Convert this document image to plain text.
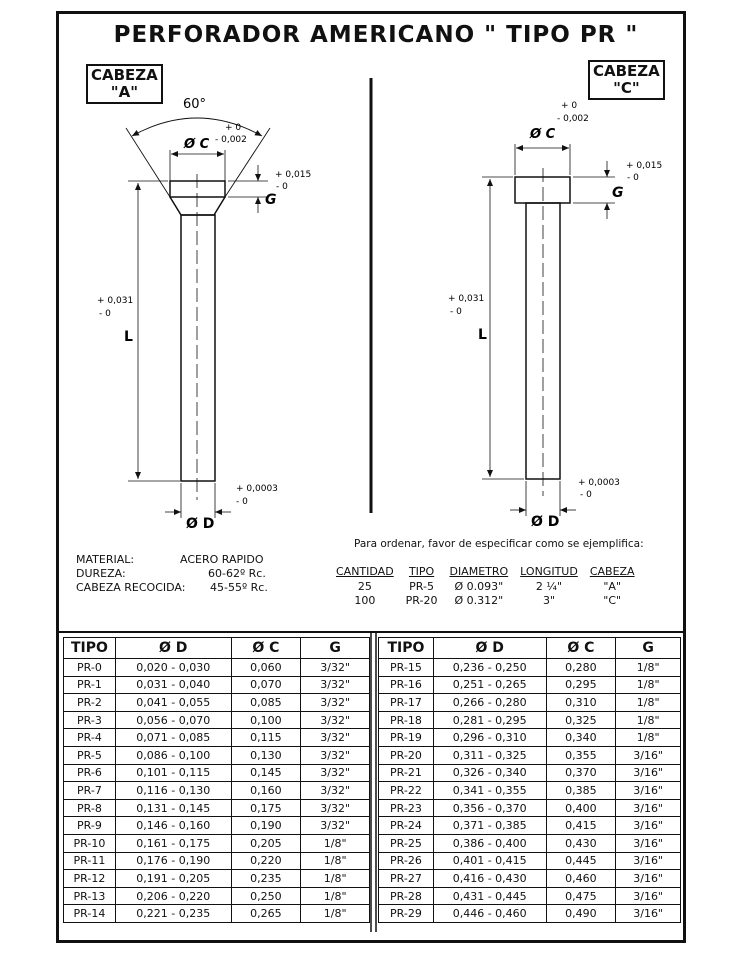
PERFORADOR AMERICANO " TIPO PR "
CABEZA
"A"
CABEZA
"C"
60°
Ø C
+ 0
- 0,002
G
+ 0,015
- 0
L
+ 0,031
- 0
Ø D
+ 0,0003
- 0
Ø C
+ 0
- 0,002
G
+ 0,015
- 0
L
+ 0,031
- 0
Ø D
+ 0,0003
- 0
MATERIAL:	ACERO RAPIDO
DUREZA:	60-62º Rc.
CABEZA RECOCIDA:	45-55º Rc.
Para ordenar, favor de especificar como se ejemplifica:
CANTIDAD	TIPO	DIAMETRO	LONGITUD	CABEZA
25	PR-5	Ø 0.093"	2 ¼"	"A"
100	PR-20	Ø 0.312"	3"	"C"
TIPO	Ø D	Ø C	G
PR-0	0,020 - 0,030	0,060	3/32"
PR-1	0,031 - 0,040	0,070	3/32"
PR-2	0,041 - 0,055	0,085	3/32"
PR-3	0,056 - 0,070	0,100	3/32"
PR-4	0,071 - 0,085	0,115	3/32"
PR-5	0,086 - 0,100	0,130	3/32"
PR-6	0,101 - 0,115	0,145	3/32"
PR-7	0,116 - 0,130	0,160	3/32"
PR-8	0,131 - 0,145	0,175	3/32"
PR-9	0,146 - 0,160	0,190	3/32"
PR-10	0,161 - 0,175	0,205	1/8"
PR-11	0,176 - 0,190	0,220	1/8"
PR-12	0,191 - 0,205	0,235	1/8"
PR-13	0,206 - 0,220	0,250	1/8"
PR-14	0,221 - 0,235	0,265	1/8"
TIPO	Ø D	Ø C	G
PR-15	0,236 - 0,250	0,280	1/8"
PR-16	0,251 - 0,265	0,295	1/8"
PR-17	0,266 - 0,280	0,310	1/8"
PR-18	0,281 - 0,295	0,325	1/8"
PR-19	0,296 - 0,310	0,340	1/8"
PR-20	0,311 - 0,325	0,355	3/16"
PR-21	0,326 - 0,340	0,370	3/16"
PR-22	0,341 - 0,355	0,385	3/16"
PR-23	0,356 - 0,370	0,400	3/16"
PR-24	0,371 - 0,385	0,415	3/16"
PR-25	0,386 - 0,400	0,430	3/16"
PR-26	0,401 - 0,415	0,445	3/16"
PR-27	0,416 - 0,430	0,460	3/16"
PR-28	0,431 - 0,445	0,475	3/16"
PR-29	0,446 - 0,460	0,490	3/16"
